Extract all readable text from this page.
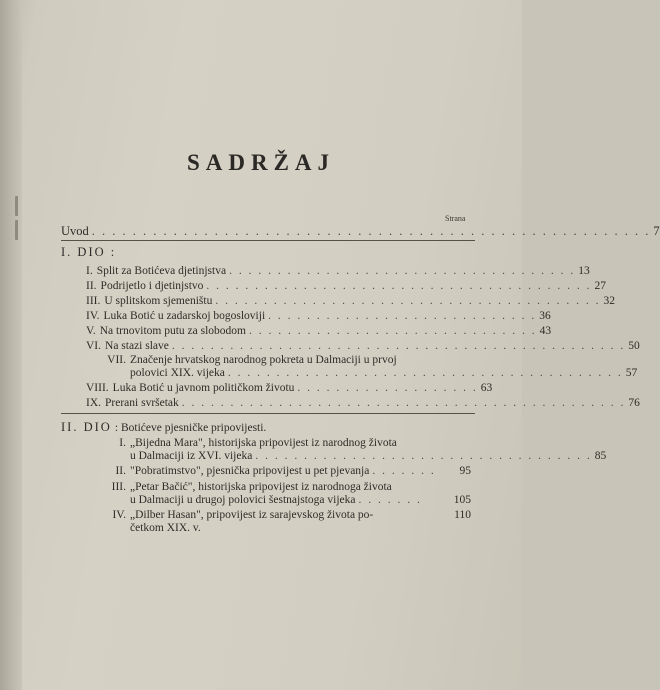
SADRŽAJ
Strana
Uvod . . . . . . . . . . . . . . . . . . . . . . . . . . . . . . . . . . . . . . . . . . . . . . . . . . . . . . . 7
I. DIO :
I. Split za Botićeva djetinjstva . . . . . . . . . . . . . . . . . . . . . . . . . . . . . . . . . . . . 13
II. Podrijetlo i djetinjstvo . . . . . . . . . . . . . . . . . . . . . . . . . . . . . . . . . . . . . . . . 27
III. U splitskom sjemeništu . . . . . . . . . . . . . . . . . . . . . . . . . . . . . . . . . . . . . . . . 32
IV. Luka Botić u zadarskoj bogosloviji . . . . . . . . . . . . . . . . . . . . . . . . . . . . 36
V. Na trnovitom putu za slobodom . . . . . . . . . . . . . . . . . . . . . . . . . . . . . . 43
VI. Na stazi slave . . . . . . . . . . . . . . . . . . . . . . . . . . . . . . . . . . . . . . . . . . . . . . . 50
VII. Značenje hrvatskog narodnog pokreta u Dalmaciji u prvoj
polovici XIX. vijeka . . . . . . . . . . . . . . . . . . . . . . . . . . . . . . . . . . . . . . . . . 57
VIII. Luka Botić u javnom političkom životu . . . . . . . . . . . . . . . . . . . 63
IX. Prerani svršetak . . . . . . . . . . . . . . . . . . . . . . . . . . . . . . . . . . . . . . . . . . . . . . 76
II. DIO : Botićeve pjesničke pripovijesti.
I. „Bijedna Mara", historijska pripovijest iz narodnog života
u Dalmaciji iz XVI. vijeka . . . . . . . . . . . . . . . . . . . . . . . . . . . . . . . . . . . 85
II. "Pobratimstvo", pjesnička pripovijest u pet pjevanja . . . . . . .	95
III. „Petar Bačić", historijska pripovijest iz narodnoga života
u Dalmaciji u drugoj polovici šestnajstoga vijeka . . . . . . .	105
IV. „Dilber Hasan", pripovijest iz sarajevskog života po-
četkom XIX. v.
110
